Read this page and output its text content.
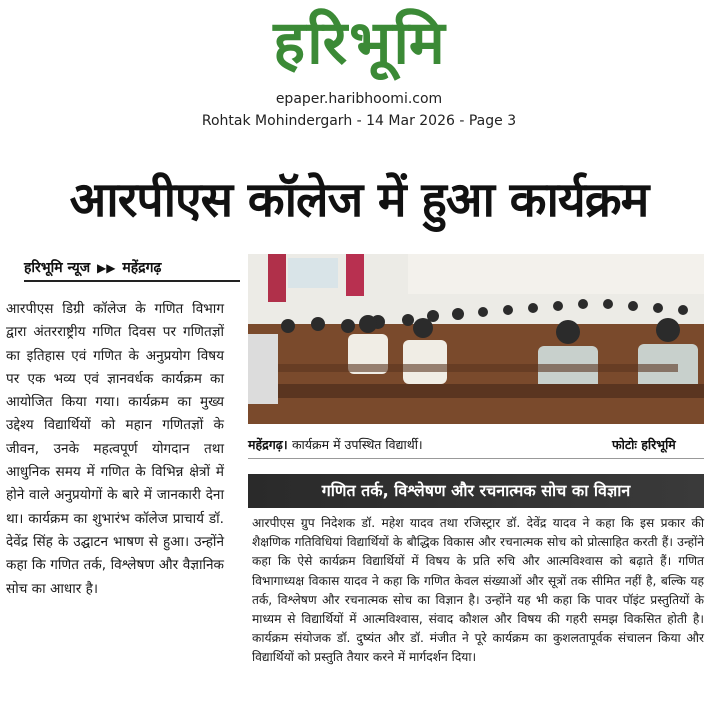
हरिभूमि
epaper.haribhoomi.com
Rohtak Mohindergarh - 14 Mar 2026 - Page 3
आरपीएस कॉलेज में हुआ कार्यक्रम
हरिभूमि न्यूज ▶▶ महेंद्रगढ़

आरपीएस डिग्री कॉलेज के गणित विभाग द्वारा अंतरराष्ट्रीय गणित दिवस पर गणितज्ञों का इतिहास एवं गणित के अनुप्रयोग विषय पर एक भव्य एवं ज्ञानवर्धक कार्यक्रम का आयोजित किया गया। कार्यक्रम का मुख्य उद्देश्य विद्यार्थियों को महान गणितज्ञों के जीवन, उनके महत्वपूर्ण योगदान तथा आधुनिक समय में गणित के विभिन्न क्षेत्रों में होने वाले अनुप्रयोगों के बारे में जानकारी देना था। कार्यक्रम का शुभारंभ कॉलेज प्राचार्य डॉ. देवेंद्र सिंह के उद्घाटन भाषण से हुआ। उन्होंने कहा कि गणित तर्क, विश्लेषण और वैज्ञानिक सोच का आधार है।

महेंद्रगढ़। कार्यक्रम में उपस्थित विद्यार्थी।	फोटोः हरिभूमि
गणित तर्क, विश्लेषण और रचनात्मक सोच का विज्ञान

आरपीएस ग्रुप निदेशक डॉ. महेश यादव तथा रजिस्ट्रार डॉ. देवेंद्र यादव ने कहा कि इस प्रकार की शैक्षणिक गतिविधियां विद्यार्थियों के बौद्धिक विकास और रचनात्मक सोच को प्रोत्साहित करती हैं। उन्होंने कहा कि ऐसे कार्यक्रम विद्यार्थियों में विषय के प्रति रुचि और आत्मविश्वास को बढ़ाते हैं। गणित विभागाध्यक्ष विकास यादव ने कहा कि गणित केवल संख्याओं और सूत्रों तक सीमित नहीं है, बल्कि यह तर्क, विश्लेषण और रचनात्मक सोच का विज्ञान है। उन्होंने यह भी कहा कि पावर पॉइंट प्रस्तुतियों के माध्यम से विद्यार्थियों में आत्मविश्वास, संवाद कौशल और विषय की गहरी समझ विकसित होती है। कार्यक्रम संयोजक डॉ. दुष्यंत और डॉ. मंजीत ने पूरे कार्यक्रम का कुशलतापूर्वक संचालन किया और विद्यार्थियों को प्रस्तुति तैयार करने में मार्गदर्शन दिया।
